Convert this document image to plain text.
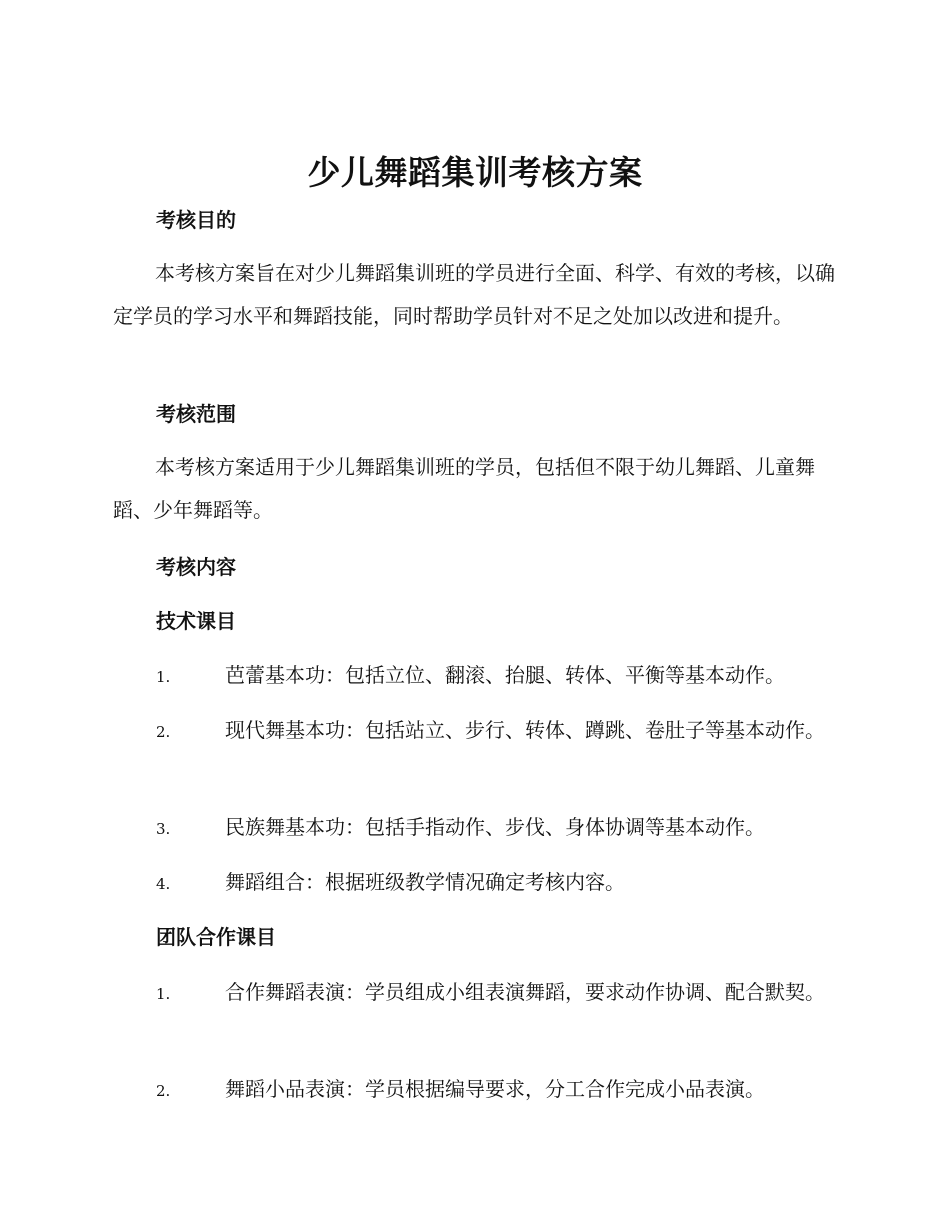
少儿舞蹈集训考核方案
考核目的
本考核方案旨在对少儿舞蹈集训班的学员进行全面、科学、有效的考核，以确定学员的学习水平和舞蹈技能，同时帮助学员针对不足之处加以改进和提升。
考核范围
本考核方案适用于少儿舞蹈集训班的学员，包括但不限于幼儿舞蹈、儿童舞蹈、少年舞蹈等。
考核内容
技术课目
1.	芭蕾基本功：包括立位、翻滚、抬腿、转体、平衡等基本动作。
2.	现代舞基本功：包括站立、步行、转体、蹲跳、卷肚子等基本动作。
3.	民族舞基本功：包括手指动作、步伐、身体协调等基本动作。
4.	舞蹈组合：根据班级教学情况确定考核内容。
团队合作课目
1.	合作舞蹈表演：学员组成小组表演舞蹈，要求动作协调、配合默契。
2.	舞蹈小品表演：学员根据编导要求，分工合作完成小品表演。
